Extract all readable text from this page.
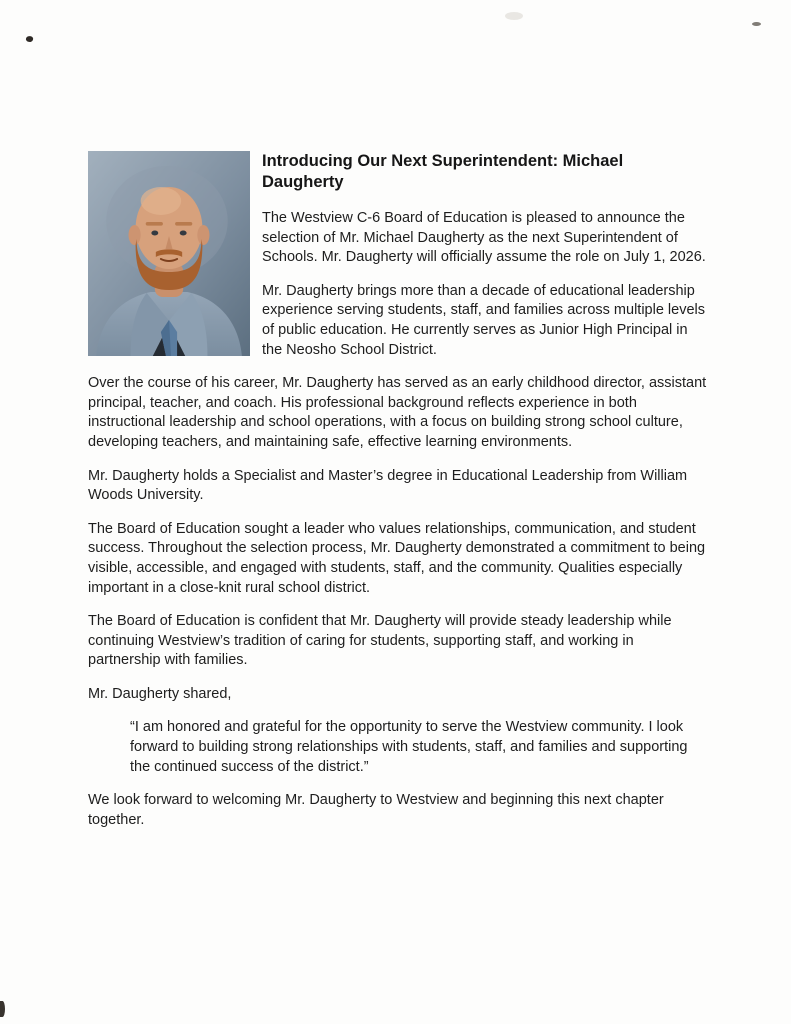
Introducing Our Next Superintendent: Michael Daugherty

The Westview C-6 Board of Education is pleased to announce the selection of Mr. Michael Daugherty as the next Superintendent of Schools. Mr. Daugherty will officially assume the role on July 1, 2026.

Mr. Daugherty brings more than a decade of educational leadership experience serving students, staff, and families across multiple levels of public education. He currently serves as Junior High Principal in the Neosho School District.

Over the course of his career, Mr. Daugherty has served as an early childhood director, assistant principal, teacher, and coach. His professional background reflects experience in both instructional leadership and school operations, with a focus on building strong school culture, developing teachers, and maintaining safe, effective learning environments.

Mr. Daugherty holds a Specialist and Master’s degree in Educational Leadership from William Woods University.

The Board of Education sought a leader who values relationships, communication, and student success. Throughout the selection process, Mr. Daugherty demonstrated a commitment to being visible, accessible, and engaged with students, staff, and the community. Qualities especially important in a close-knit rural school district.

The Board of Education is confident that Mr. Daugherty will provide steady leadership while continuing Westview’s tradition of caring for students, supporting staff, and working in partnership with families.

Mr. Daugherty shared,

“I am honored and grateful for the opportunity to serve the Westview community. I look forward to building strong relationships with students, staff, and families and supporting the continued success of the district.”

We look forward to welcoming Mr. Daugherty to Westview and beginning this next chapter together.
